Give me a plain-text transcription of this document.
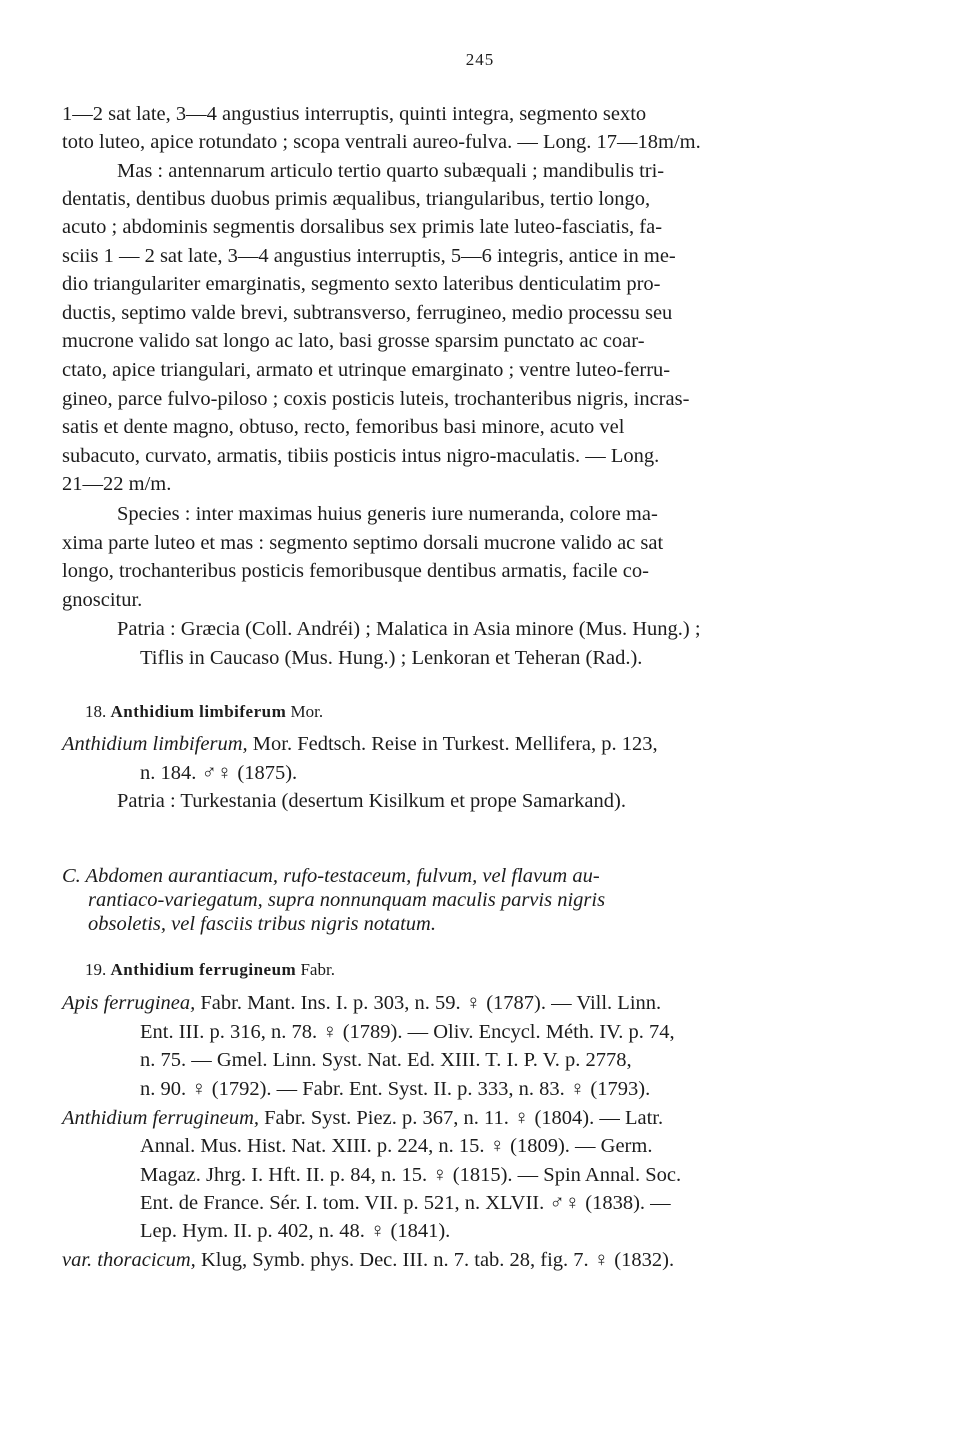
245
1—2 sat late, 3—4 angustius interruptis, quinti integra, segmento sexto
toto luteo, apice rotundato ; scopa ventrali aureo-fulva. — Long. 17—18m/m.
Mas : antennarum articulo tertio quarto subæquali ; mandibulis tri-
dentatis, dentibus duobus primis æqualibus, triangularibus, tertio longo,
acuto ; abdominis segmentis dorsalibus sex primis late luteo-fasciatis, fa-
sciis 1 — 2 sat late, 3—4 angustius interruptis, 5—6 integris, antice in me-
dio triangulariter emarginatis, segmento sexto lateribus denticulatim pro-
ductis, septimo valde brevi, subtransverso, ferrugineo, medio processu seu
mucrone valido sat longo ac lato, basi grosse sparsim punctato ac coar-
ctato, apice triangulari, armato et utrinque emarginato ; ventre luteo-ferru-
gineo, parce fulvo-piloso ; coxis posticis luteis, trochanteribus nigris, incras-
satis et dente magno, obtuso, recto, femoribus basi minore, acuto vel
subacuto, curvato, armatis, tibiis posticis intus nigro-maculatis. — Long.
21—22 m/m.
Species : inter maximas huius generis iure numeranda, colore ma-
xima parte luteo et mas : segmento septimo dorsali mucrone valido ac sat
longo, trochanteribus posticis femoribusque dentibus armatis, facile co-
gnoscitur.
Patria : Græcia (Coll. Andréi) ; Malatica in Asia minore (Mus. Hung.) ;
Tiflis in Caucaso (Mus. Hung.) ; Lenkoran et Teheran (Rad.).
18. Anthidium limbiferum Mor.
Anthidium limbiferum, Mor. Fedtsch. Reise in Turkest. Mellifera, p. 123,
n. 184. ♂♀ (1875).
Patria : Turkestania (desertum Kisilkum et prope Samarkand).
C. Abdomen aurantiacum, rufo-testaceum, fulvum, vel flavum au-
rantiaco-variegatum, supra nonnunquam maculis parvis nigris
obsoletis, vel fasciis tribus nigris notatum.
19. Anthidium ferrugineum Fabr.
Apis ferruginea, Fabr. Mant. Ins. I. p. 303, n. 59. ♀ (1787). — Vill. Linn.
Ent. III. p. 316, n. 78. ♀ (1789). — Oliv. Encycl. Méth. IV. p. 74,
n. 75. — Gmel. Linn. Syst. Nat. Ed. XIII. T. I. P. V. p. 2778,
n. 90. ♀ (1792). — Fabr. Ent. Syst. II. p. 333, n. 83. ♀ (1793).
Anthidium ferrugineum, Fabr. Syst. Piez. p. 367, n. 11. ♀ (1804). — Latr.
Annal. Mus. Hist. Nat. XIII. p. 224, n. 15. ♀ (1809). — Germ.
Magaz. Jhrg. I. Hft. II. p. 84, n. 15. ♀ (1815). — Spin Annal. Soc.
Ent. de France. Sér. I. tom. VII. p. 521, n. XLVII. ♂♀ (1838). —
Lep. Hym. II. p. 402, n. 48. ♀ (1841).
var. thoracicum, Klug, Symb. phys. Dec. III. n. 7. tab. 28, fig. 7. ♀ (1832).
